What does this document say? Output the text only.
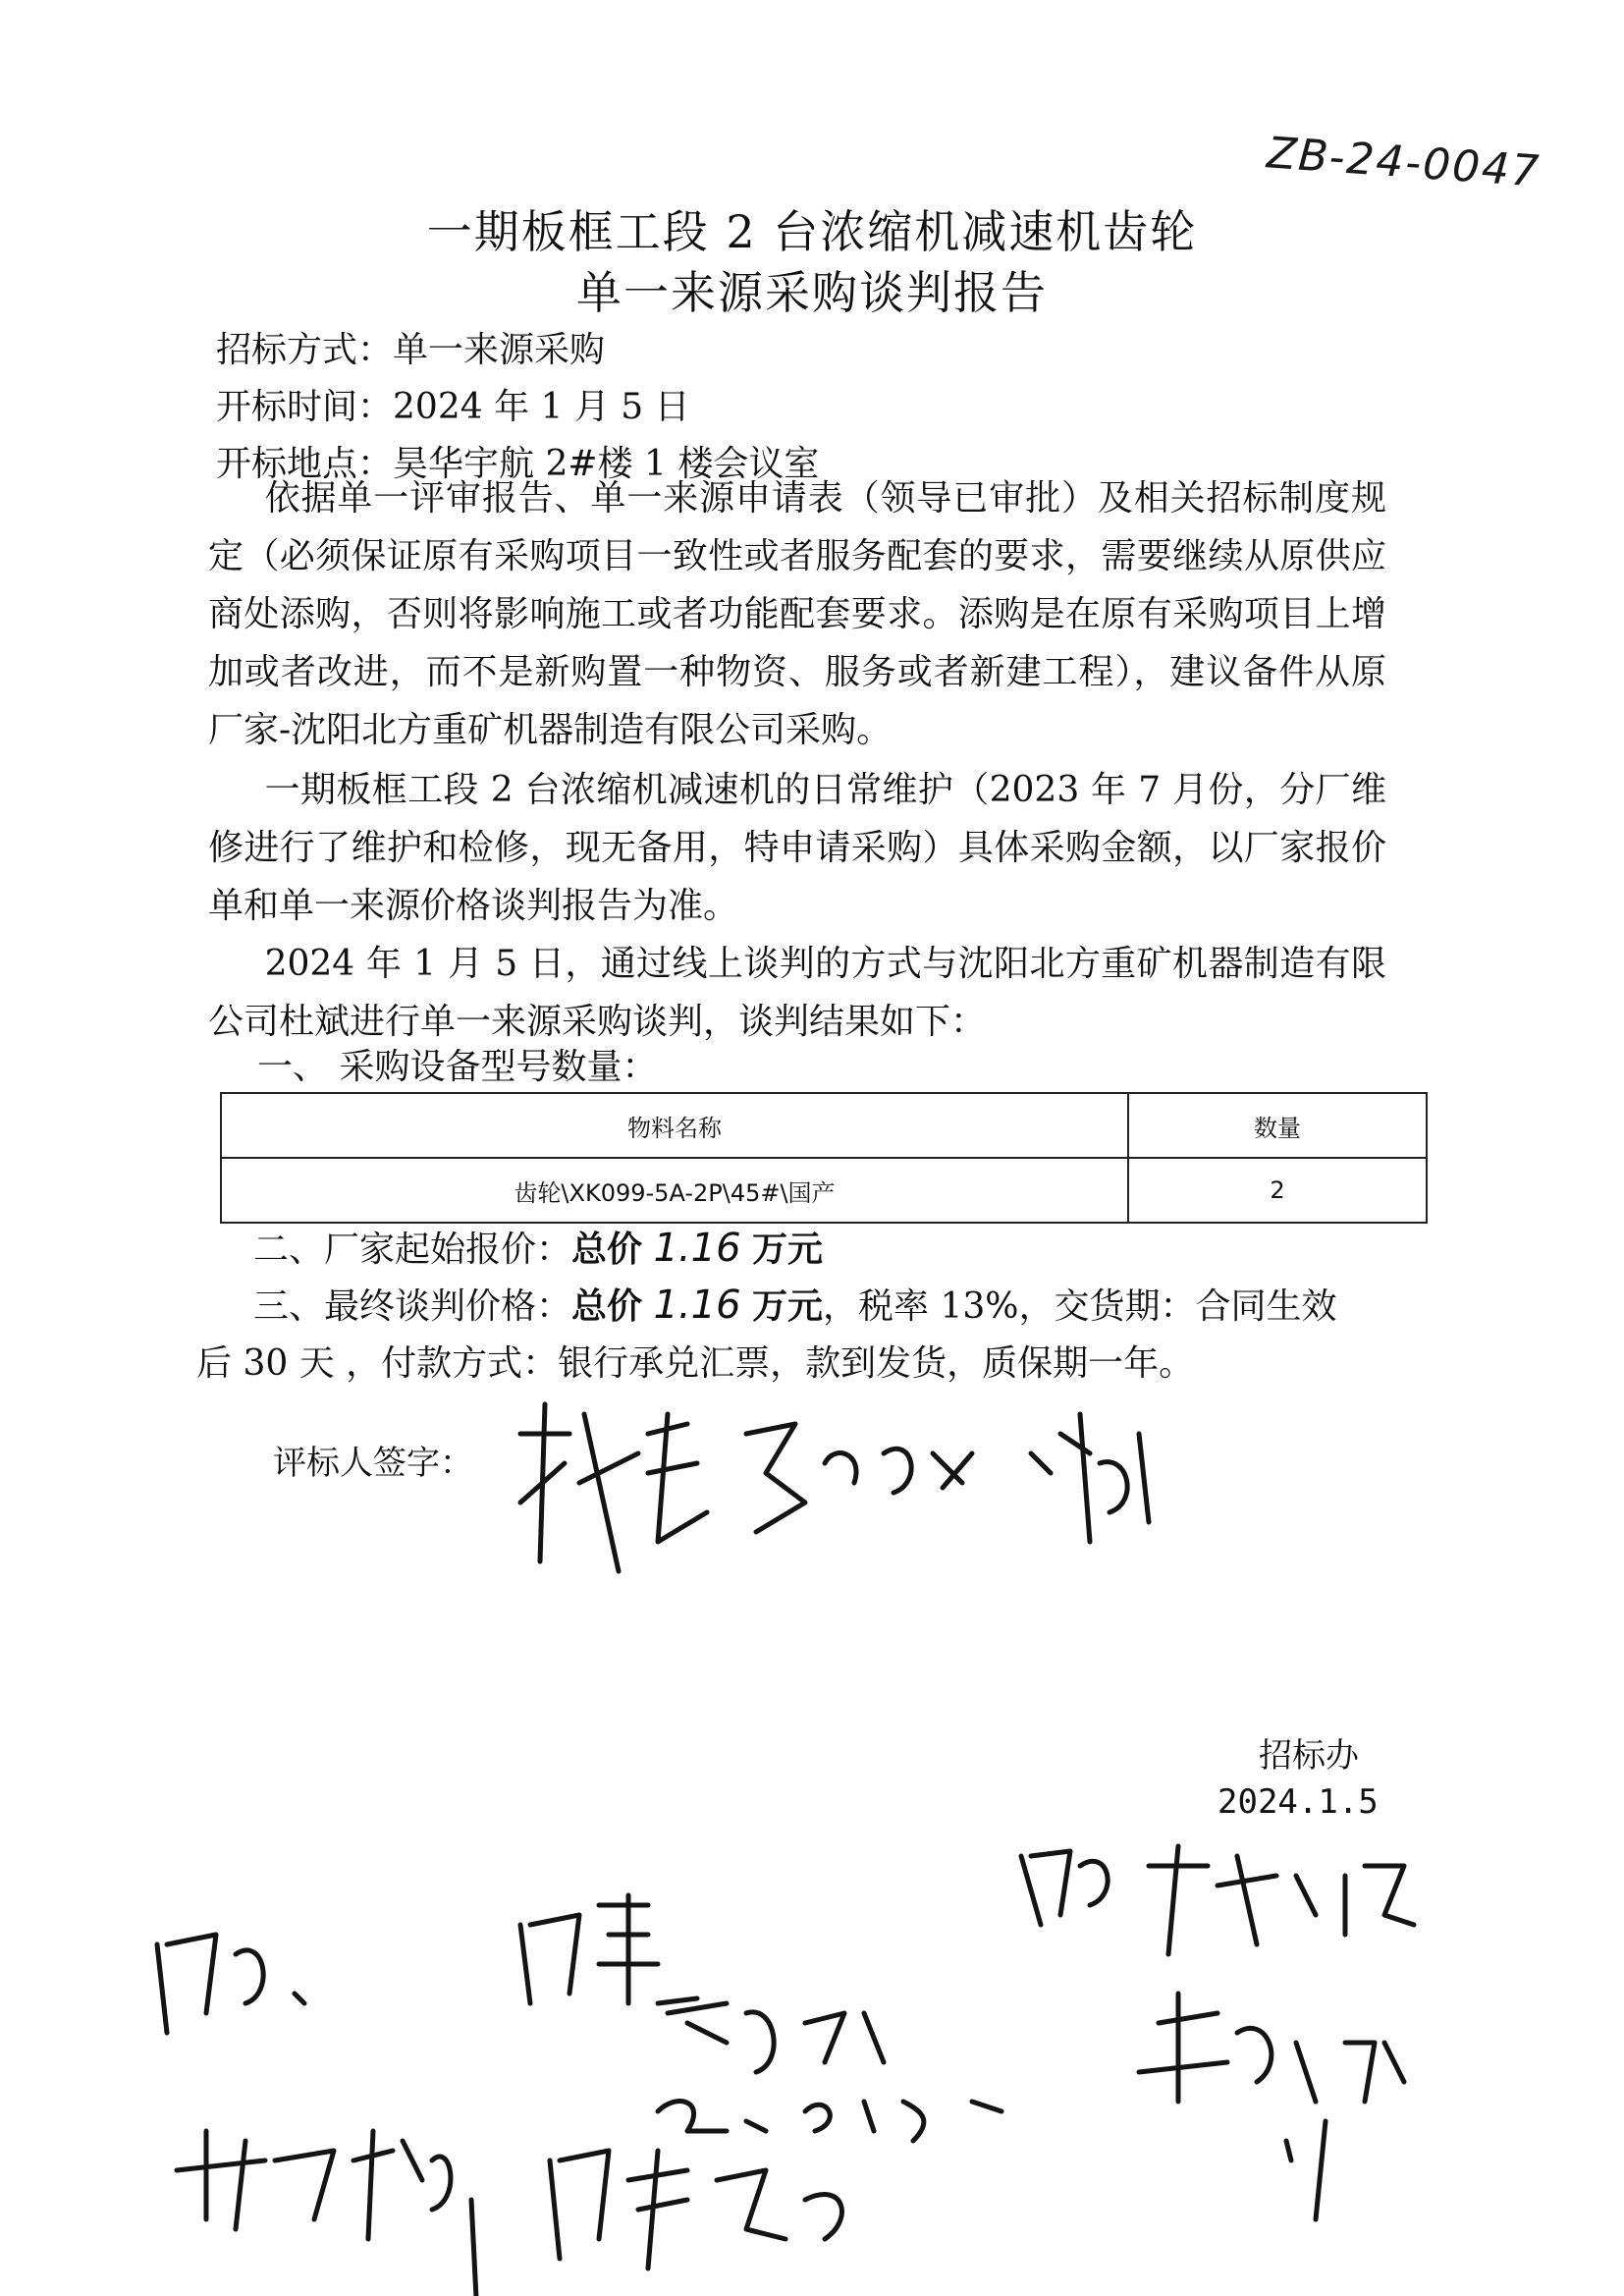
ZB-24-0047
一期板框工段 2 台浓缩机减速机齿轮
单一来源采购谈判报告
招标方式：单一来源采购
开标时间：2024 年 1 月 5 日
开标地点：昊华宇航 2#楼 1 楼会议室

依据单一评审报告、单一来源申请表（领导已审批）及相关招标制度规定（必须保证原有采购项目一致性或者服务配套的要求，需要继续从原供应商处添购，否则将影响施工或者功能配套要求。添购是在原有采购项目上增加或者改进，而不是新购置一种物资、服务或者新建工程），建议备件从原厂家-沈阳北方重矿机器制造有限公司采购。

一期板框工段 2 台浓缩机减速机的日常维护（2023 年 7 月份，分厂维修进行了维护和检修，现无备用，特申请采购）具体采购金额，以厂家报价单和单一来源价格谈判报告为准。

2024 年 1 月 5 日，通过线上谈判的方式与沈阳北方重矿机器制造有限公司杜斌进行单一来源采购谈判，谈判结果如下：

一、 采购设备型号数量：
物料名称	数量
齿轮\XK099-5A-2P\45#\国产	2
二、厂家起始报价：总价 1.16 万元
三、最终谈判价格：总价 1.16 万元，税率 13%，交货期：合同生效
后 30 天 ，付款方式：银行承兑汇票，款到发货，质保期一年。
评标人签字：
招标办
2024.1.5
